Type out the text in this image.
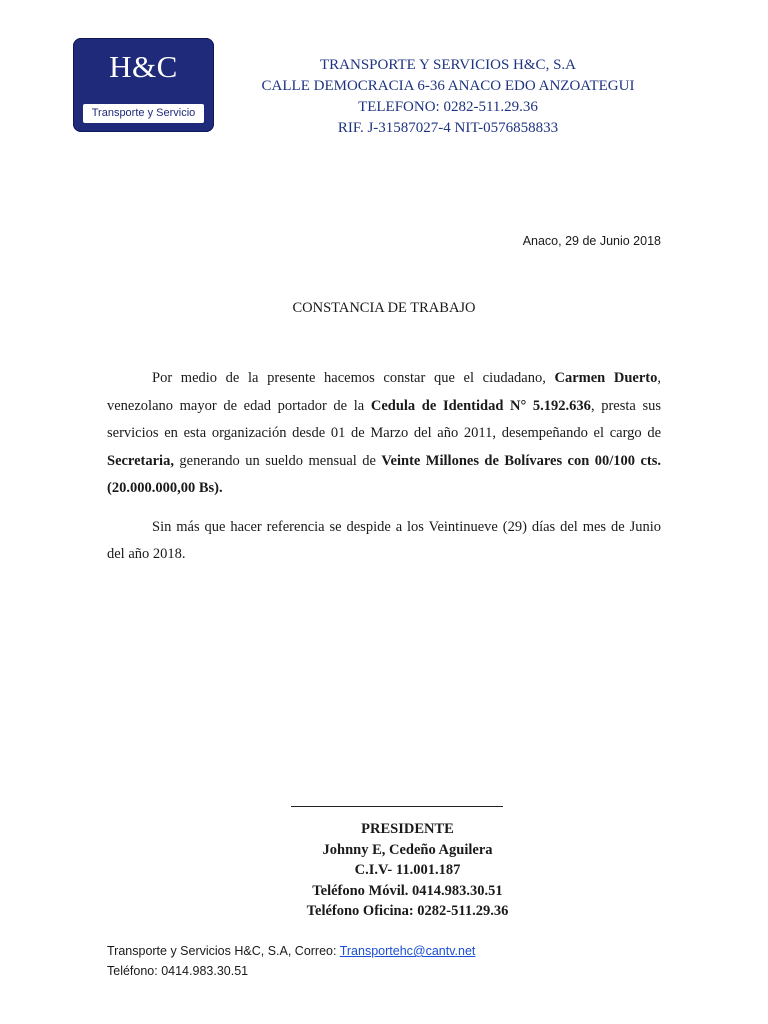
H&C
Transporte y Servicio
TRANSPORTE Y SERVICIOS H&C, S.A
CALLE DEMOCRACIA 6-36 ANACO EDO ANZOATEGUI
TELEFONO: 0282-511.29.36
RIF. J-31587027-4 NIT-0576858833
Anaco, 29 de Junio 2018
CONSTANCIA DE TRABAJO

Por medio de la presente hacemos constar que el ciudadano, Carmen Duerto, venezolano mayor de edad portador de la Cedula de Identidad N° 5.192.636, presta sus servicios en esta organización desde 01 de Marzo del año 2011, desempeñando el cargo de Secretaria, generando un sueldo mensual de Veinte Millones de Bolívares con 00/100 cts. (20.000.000,00 Bs).

Sin más que hacer referencia se despide a los Veintinueve (29) días del mes de Junio del año 2018.

PRESIDENTE
Johnny E, Cedeño Aguilera
C.I.V- 11.001.187
Teléfono Móvil. 0414.983.30.51
Teléfono Oficina: 0282-511.29.36
Transporte y Servicios H&C, S.A, Correo: Transportehc@cantv.net
Teléfono: 0414.983.30.51
